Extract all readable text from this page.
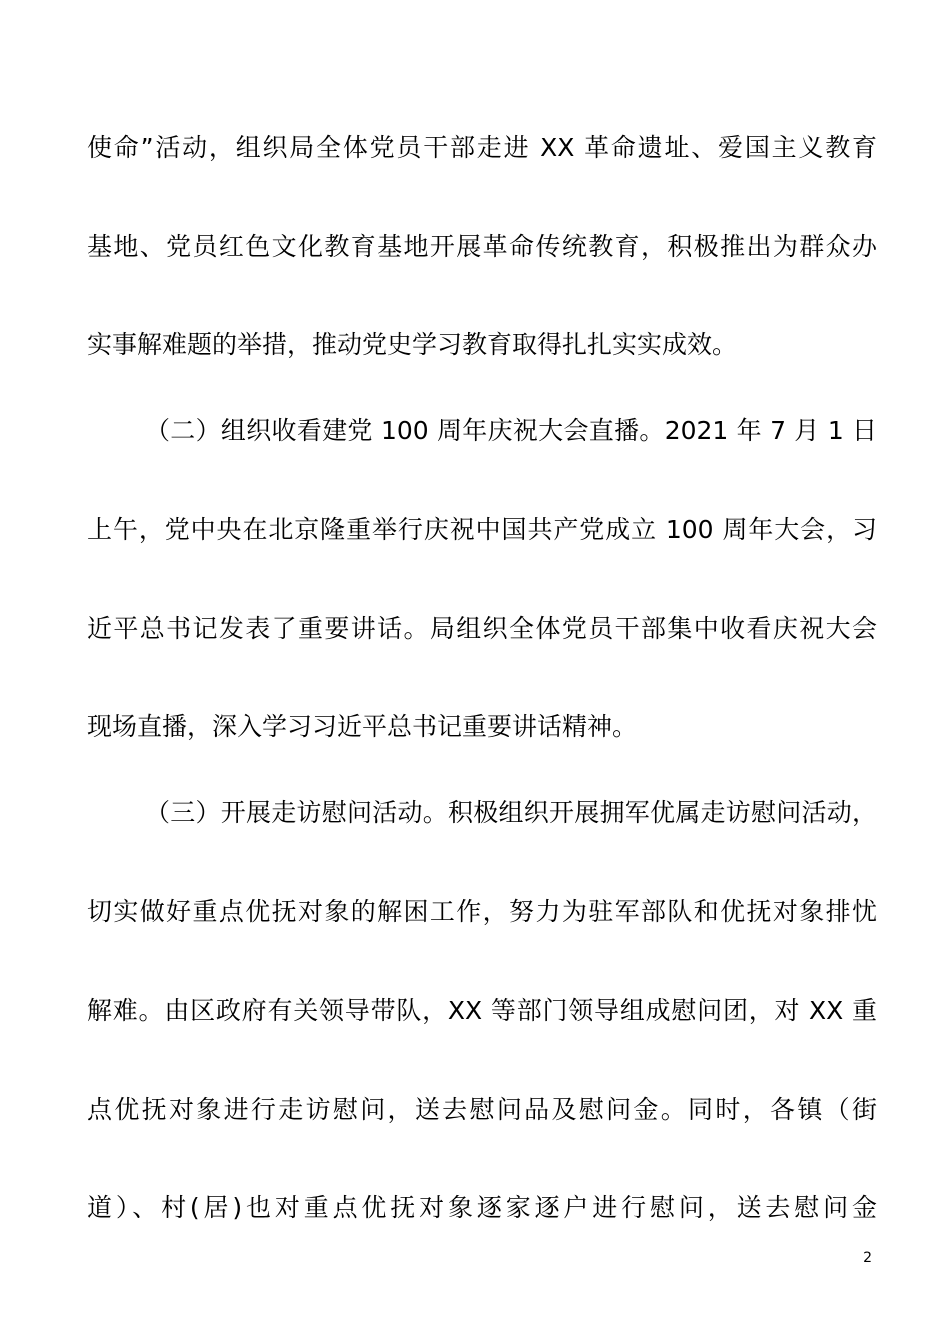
使命”活动，组织局全体党员干部走进 XX 革命遗址、爱国主义教育
基地、党员红色文化教育基地开展革命传统教育，积极推出为群众办
实事解难题的举措，推动党史学习教育取得扎扎实实成效。
（二）组织收看建党 100 周年庆祝大会直播。2021 年 7 月 1 日
上午，党中央在北京隆重举行庆祝中国共产党成立 100 周年大会，习
近平总书记发表了重要讲话。局组织全体党员干部集中收看庆祝大会
现场直播，深入学习习近平总书记重要讲话精神。
（三）开展走访慰问活动。积极组织开展拥军优属走访慰问活动，
切实做好重点优抚对象的解困工作，努力为驻军部队和优抚对象排忧
解难。由区政府有关领导带队，XX 等部门领导组成慰问团，对 XX 重
点优抚对象进行走访慰问，送去慰问品及慰问金。同时，各镇（街
道）、村(居)也对重点优抚对象逐家逐户进行慰问，送去慰问金
2
